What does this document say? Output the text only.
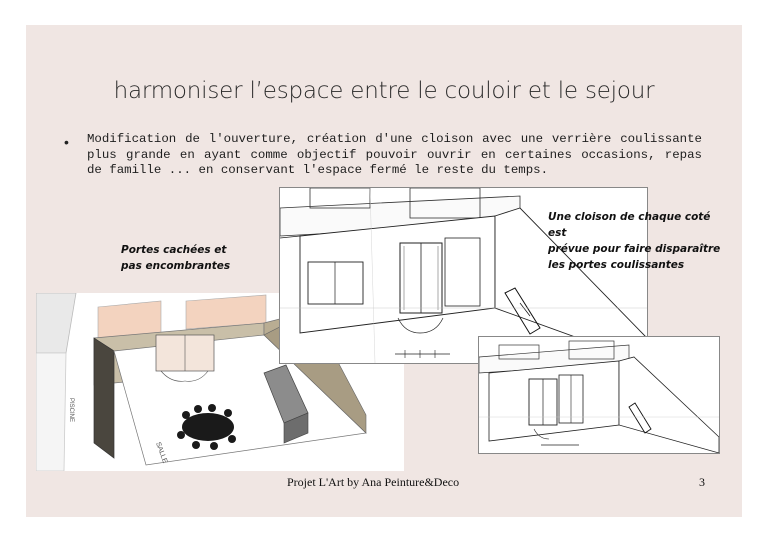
harmoniser l’espace entre le couloir et le sejour
• Modification de l'ouverture, création d'une cloison avec une verrière coulissante plus grande en ayant comme objectif pouvoir ouvrir en certaines occasions, repas de famille ... en conservant l'espace fermé le reste du temps.
PISCINE
SALLE
Portes cachées et
pas encombrantes
Une cloison de chaque coté est
prévue pour faire disparaître
les portes coulissantes
Projet L'Art by Ana Peinture&Deco	3
